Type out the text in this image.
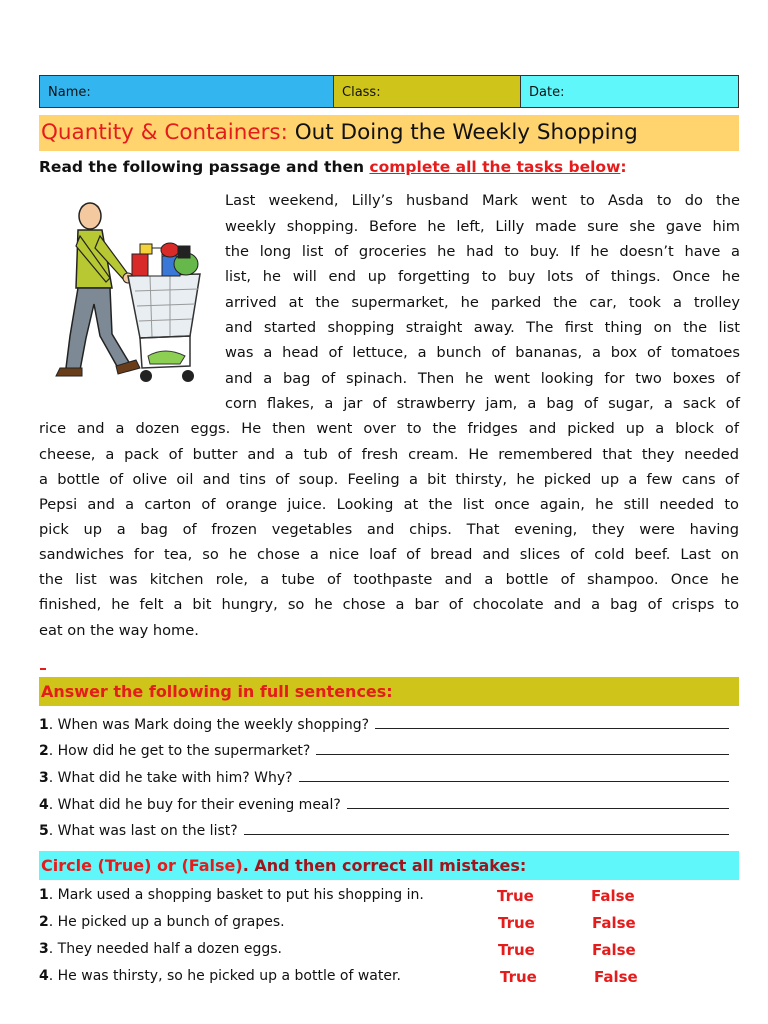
Name:	Class:	Date:
Quantity & Containers: Out Doing the Weekly Shopping
Read the following passage and then complete all the tasks below:
Last weekend, Lilly’s husband Mark went to Asda to do the
weekly shopping. Before he left, Lilly made sure she gave him
the long list of groceries he had to buy. If he doesn’t have a
list, he will end up forgetting to buy lots of things. Once he
arrived at the supermarket, he parked the car, took a trolley
and started shopping straight away. The first thing on the list
was a head of lettuce, a bunch of bananas, a box of tomatoes
and a bag of spinach. Then he went looking for two boxes of
corn flakes, a jar of strawberry jam, a bag of sugar, a sack of
rice and a dozen eggs. He then went over to the fridges and picked up a block of
cheese, a pack of butter and a tub of fresh cream. He remembered that they needed
a bottle of olive oil and tins of soup. Feeling a bit thirsty, he picked up a few cans of
Pepsi and a carton of orange juice. Looking at the list once again, he still needed to
pick up a bag of frozen vegetables and chips. That evening, they were having
sandwiches for tea, so he chose a nice loaf of bread and slices of cold beef. Last on
the list was kitchen role, a tube of toothpaste and a bottle of shampoo. Once he
finished, he felt a bit hungry, so he chose a bar of chocolate and a bag of crisps to
eat on the way home.
Answer the following in full sentences:
1 . When was Mark doing the weekly shopping?
2 . How did he get to the supermarket?
3 . What did he take with him? Why?
4 . What did he buy for their evening meal?
5 . What was last on the list?
Circle (True) or (False). And then correct all mistakes:
1. Mark used a shopping basket to put his shopping in.	True	False
2. He picked up a bunch of grapes.	True	False
3. They needed half a dozen eggs.	True	False
4. He was thirsty, so he picked up a bottle of water.	True	False
